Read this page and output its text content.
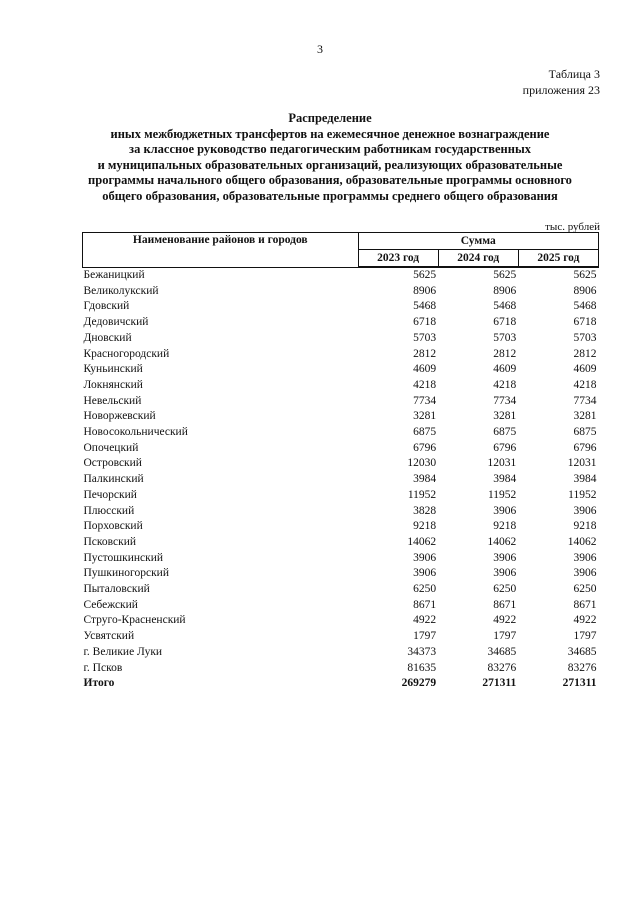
3
Таблица 3
приложения 23
Распределение
иных межбюджетных трансфертов на ежемесячное денежное вознаграждение
за классное руководство педагогическим работникам государственных
и муниципальных образовательных организаций, реализующих образовательные
программы начального общего образования, образовательные программы основного
общего образования, образовательные программы среднего общего образования
тыс. рублей
Наименование районов и городов	Сумма		
	2023 год	2024 год	2025 год
Бежаницкий	5625	5625	5625
Великолукский	8906	8906	8906
Гдовский	5468	5468	5468
Дедовичский	6718	6718	6718
Дновский	5703	5703	5703
Красногородский	2812	2812	2812
Куньинский	4609	4609	4609
Локнянский	4218	4218	4218
Невельский	7734	7734	7734
Новоржевский	3281	3281	3281
Новосокольнический	6875	6875	6875
Опочецкий	6796	6796	6796
Островский	12030	12031	12031
Палкинский	3984	3984	3984
Печорский	11952	11952	11952
Плюсский	3828	3906	3906
Порховский	9218	9218	9218
Псковский	14062	14062	14062
Пустошкинский	3906	3906	3906
Пушкиногорский	3906	3906	3906
Пыталовский	6250	6250	6250
Себежский	8671	8671	8671
Струго-Красненский	4922	4922	4922
Усвятский	1797	1797	1797
г. Великие Луки	34373	34685	34685
г. Псков	81635	83276	83276
Итого	269279	271311	271311
